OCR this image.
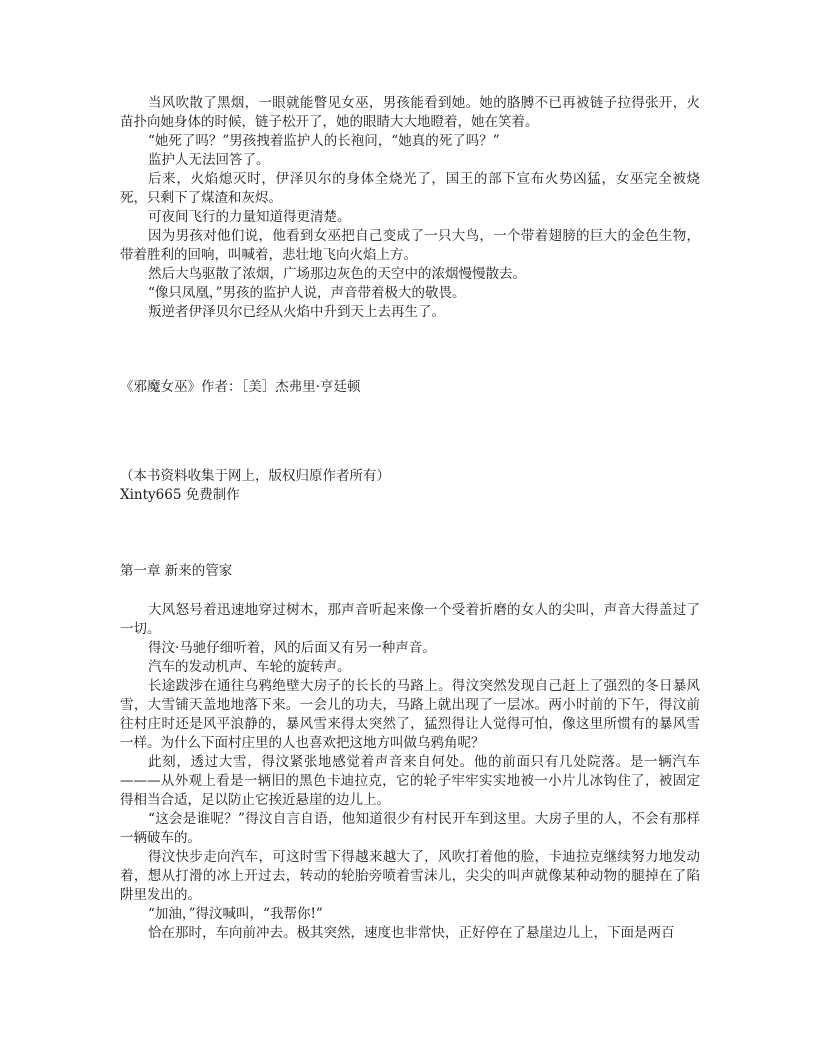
当风吹散了黑烟，一眼就能瞥见女巫，男孩能看到她。她的胳膊不已再被链子拉得张开，火苗扑向她身体的时候，链子松开了，她的眼睛大大地瞪着，她在笑着。

“她死了吗？”男孩拽着监护人的长袍问，“她真的死了吗？”

监护人无法回答了。

后来，火焰熄灭时，伊泽贝尔的身体全烧光了，国王的部下宣布火势凶猛，女巫完全被烧死，只剩下了煤渣和灰烬。

可夜间飞行的力量知道得更清楚。

因为男孩对他们说，他看到女巫把自己变成了一只大鸟，一个带着翅膀的巨大的金色生物，带着胜利的回响，叫喊着，悲壮地飞向火焰上方。

然后大鸟驱散了浓烟，广场那边灰色的天空中的浓烟慢慢散去。

“像只凤凰，”男孩的监护人说，声音带着极大的敬畏。

叛逆者伊泽贝尔已经从火焰中升到天上去再生了。

《邪魔女巫》作者：［美］杰弗里·亨廷顿

（本书资料收集于网上，版权归原作者所有）

Xinty665 免费制作

第一章 新来的管家

大风怒号着迅速地穿过树木，那声音听起来像一个受着折磨的女人的尖叫，声音大得盖过了一切。

得汶·马驰仔细听着，风的后面又有另一种声音。

汽车的发动机声、车轮的旋转声。

长途跋涉在通往乌鸦绝壁大房子的长长的马路上。得汶突然发现自己赶上了强烈的冬日暴风雪，大雪铺天盖地地落下来。一会儿的功夫，马路上就出现了一层冰。两小时前的下午，得汶前往村庄时还是风平浪静的，暴风雪来得太突然了，猛烈得让人觉得可怕，像这里所惯有的暴风雪一样。为什么下面村庄里的人也喜欢把这地方叫做乌鸦角呢？

此刻，透过大雪，得汶紧张地感觉着声音来自何处。他的前面只有几处院落。是一辆汽车———从外观上看是一辆旧的黑色卡迪拉克，它的轮子牢牢实实地被一小片儿冰钩住了，被固定得相当合适，足以防止它挨近悬崖的边儿上。

“这会是谁呢？”得汶自言自语，他知道很少有村民开车到这里。大房子里的人，不会有那样一辆破车的。

得汶快步走向汽车，可这时雪下得越来越大了，风吹打着他的脸，卡迪拉克继续努力地发动着，想从打滑的冰上开过去，转动的轮胎旁喷着雪沫儿，尖尖的叫声就像某种动物的腿掉在了陷阱里发出的。

“加油，”得汶喊叫，“我帮你!”

恰在那时，车向前冲去。极其突然，速度也非常快，正好停在了悬崖边儿上，下面是两百
